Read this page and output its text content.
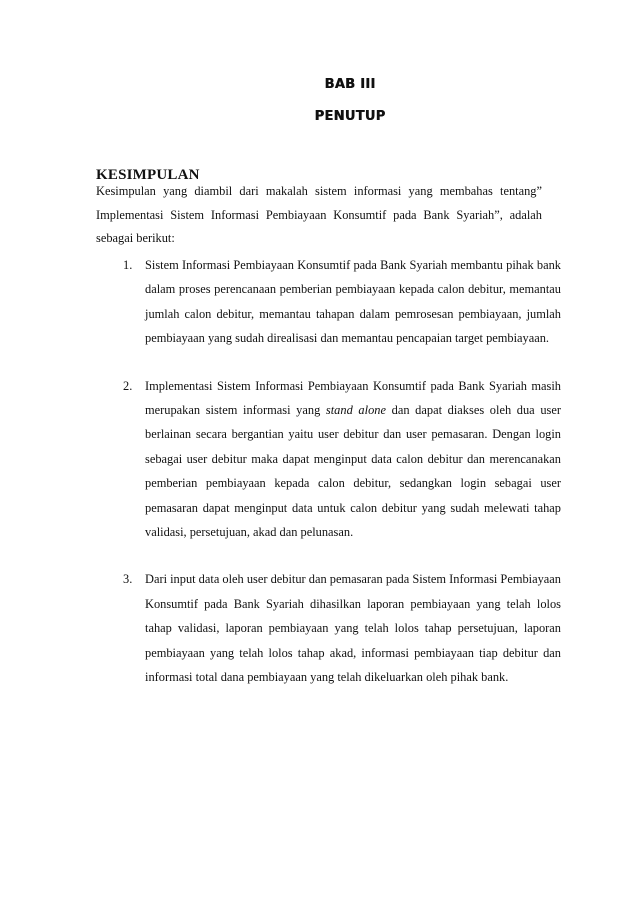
BAB III
PENUTUP
KESIMPULAN

Kesimpulan yang diambil dari makalah sistem informasi yang membahas tentang” Implementasi Sistem Informasi Pembiayaan Konsumtif pada Bank Syariah”, adalah sebagai berikut:

1. Sistem Informasi Pembiayaan Konsumtif pada Bank Syariah membantu pihak bank dalam proses perencanaan pemberian pembiayaan kepada calon debitur, memantau jumlah calon debitur, memantau tahapan dalam pemrosesan pembiayaan, jumlah pembiayaan yang sudah direalisasi dan memantau pencapaian target pembiayaan.
2. Implementasi Sistem Informasi Pembiayaan Konsumtif pada Bank Syariah masih merupakan sistem informasi yang stand alone dan dapat diakses oleh dua user berlainan secara bergantian yaitu user debitur dan user pemasaran. Dengan login sebagai user debitur maka dapat menginput data calon debitur dan merencanakan pemberian pembiayaan kepada calon debitur, sedangkan login sebagai user pemasaran dapat menginput data untuk calon debitur yang sudah melewati tahap validasi, persetujuan, akad dan pelunasan.
3. Dari input data oleh user debitur dan pemasaran pada Sistem Informasi Pembiayaan Konsumtif pada Bank Syariah dihasilkan laporan pembiayaan yang telah lolos tahap validasi, laporan pembiayaan yang telah lolos tahap persetujuan, laporan pembiayaan yang telah lolos tahap akad, informasi pembiayaan tiap debitur dan informasi total dana pembiayaan yang telah dikeluarkan oleh pihak bank.
